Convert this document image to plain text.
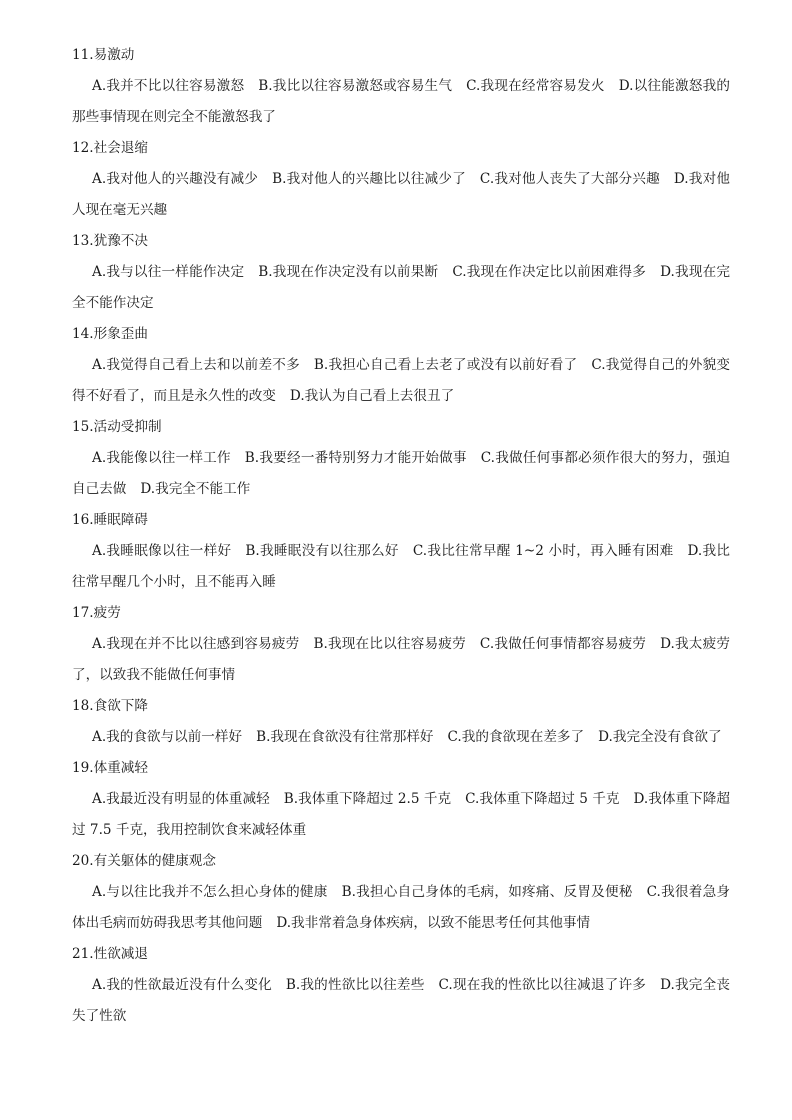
11.易激动

A.我并不比以往容易激怒 B.我比以往容易激怒或容易生气 C.我现在经常容易发火 D.以往能激怒我的那些事情现在则完全不能激怒我了

12.社会退缩

A.我对他人的兴趣没有减少 B.我对他人的兴趣比以往减少了 C.我对他人丧失了大部分兴趣 D.我对他人现在毫无兴趣

13.犹豫不决

A.我与以往一样能作决定 B.我现在作决定没有以前果断 C.我现在作决定比以前困难得多 D.我现在完全不能作决定

14.形象歪曲

A.我觉得自己看上去和以前差不多 B.我担心自己看上去老了或没有以前好看了 C.我觉得自己的外貌变得不好看了，而且是永久性的改变 D.我认为自己看上去很丑了

15.活动受抑制

A.我能像以往一样工作 B.我要经一番特别努力才能开始做事 C.我做任何事都必须作很大的努力，强迫自己去做 D.我完全不能工作

16.睡眠障碍

A.我睡眠像以往一样好 B.我睡眠没有以往那么好 C.我比往常早醒 1~2 小时，再入睡有困难 D.我比往常早醒几个小时，且不能再入睡

17.疲劳

A.我现在并不比以往感到容易疲劳 B.我现在比以往容易疲劳 C.我做任何事情都容易疲劳 D.我太疲劳了，以致我不能做任何事情

18.食欲下降

A.我的食欲与以前一样好 B.我现在食欲没有往常那样好 C.我的食欲现在差多了 D.我完全没有食欲了

19.体重减轻

A.我最近没有明显的体重减轻 B.我体重下降超过 2.5 千克 C.我体重下降超过 5 千克 D.我体重下降超过 7.5 千克，我用控制饮食来减轻体重

20.有关躯体的健康观念

A.与以往比我并不怎么担心身体的健康 B.我担心自己身体的毛病，如疼痛、反胃及便秘 C.我很着急身体出毛病而妨碍我思考其他问题 D.我非常着急身体疾病，以致不能思考任何其他事情

21.性欲减退

A.我的性欲最近没有什么变化 B.我的性欲比以往差些 C.现在我的性欲比以往减退了许多 D.我完全丧失了性欲
